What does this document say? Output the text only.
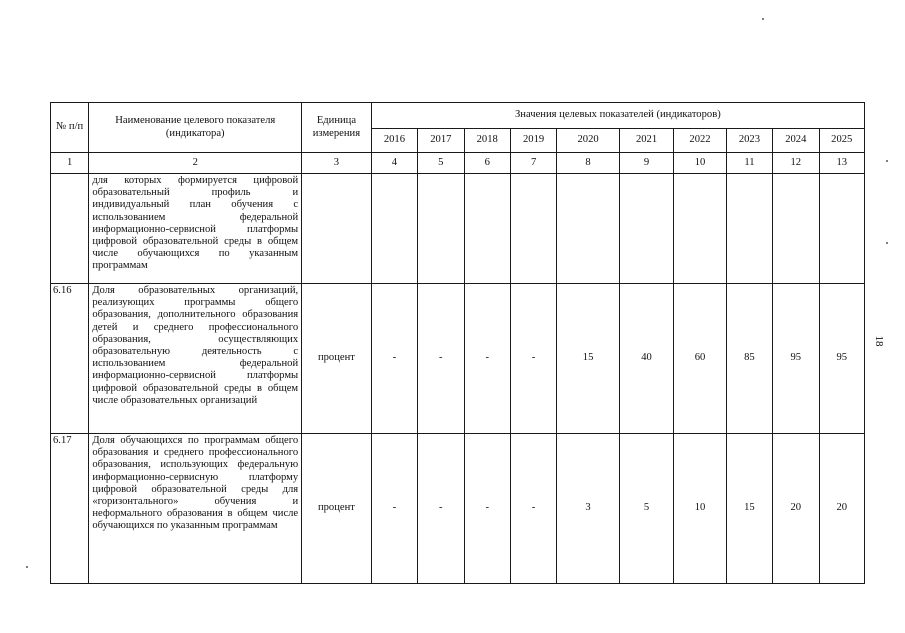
18
№ п/п	Наименование целевого показателя (индикатора)	Единица измерения	Значения целевых показателей (индикаторов)									
			2016	2017	2018	2019	2020	2021	2022	2023	2024	2025
1	2	3	4	5	6	7	8	9	10	11	12	13
	для которых формируется цифровой образовательный профиль и индивидуальный план обучения с использованием федеральной информационно-сервисной платформы цифровой образовательной среды в общем числе обучающихся по указанным программам											
6.16	Доля образовательных организаций, реализующих программы общего образования, дополнительного образования детей и среднего профессионального образования, осуществляющих образовательную деятельность с использованием федеральной информационно-сервисной платформы цифровой образовательной среды в общем числе образовательных организаций	процент	-	-	-	-	15	40	60	85	95	95
6.17	Доля обучающихся по программам общего образования и среднего профессионального образования, использующих федеральную информационно-сервисную платформу цифровой образовательной среды для «горизонтального» обучения и неформального образования в общем числе обучающихся по указанным программам	процент	-	-	-	-	3	5	10	15	20	20
